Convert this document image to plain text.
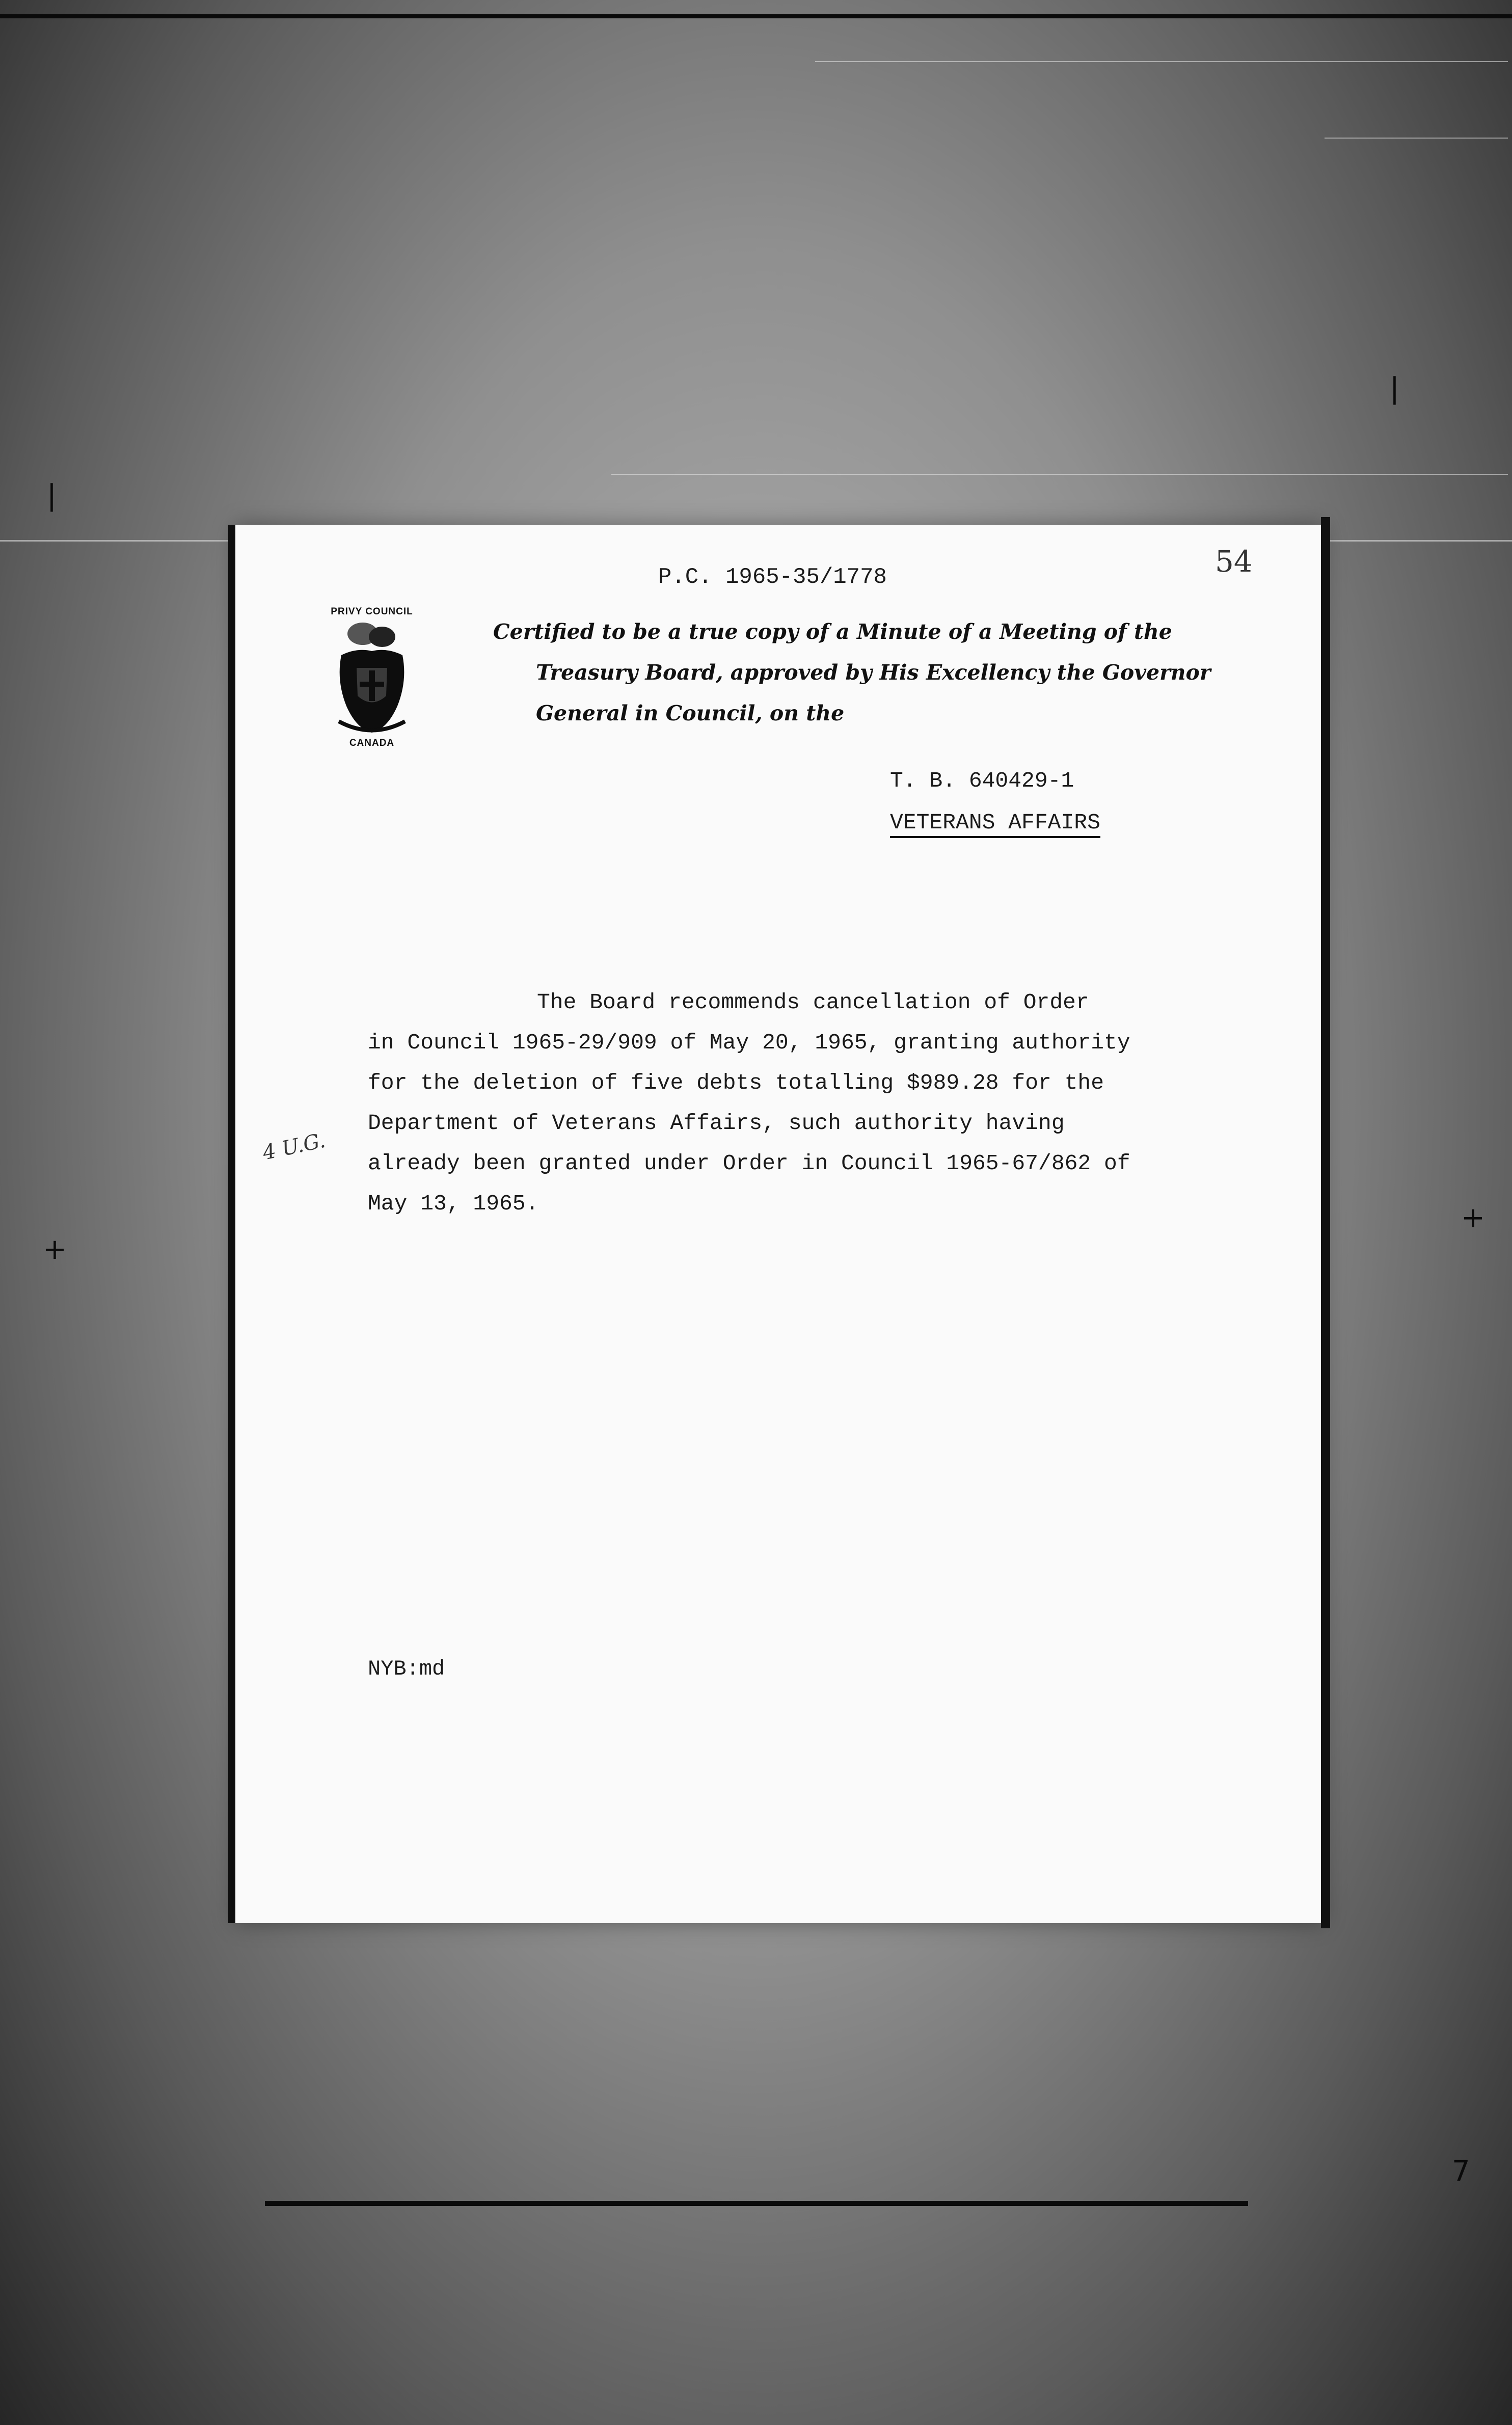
|
|
+
+
7
P.C. 1965-35/1778	54
PRIVY COUNCIL
CANADA
Certified to be a true copy of a Minute of a Meeting of the
Treasury Board, approved by His Excellency the Governor
General in Council, on the
T. B. 640429-1
VETERANS AFFAIRS
The Board recommends cancellation of Order
in Council 1965-29/909 of May 20, 1965, granting authority
for the deletion of five debts totalling $989.28 for the
Department of Veterans Affairs, such authority having
already been granted under Order in Council 1965-67/862 of
May 13, 1965.
4 U.G.
NYB:md
